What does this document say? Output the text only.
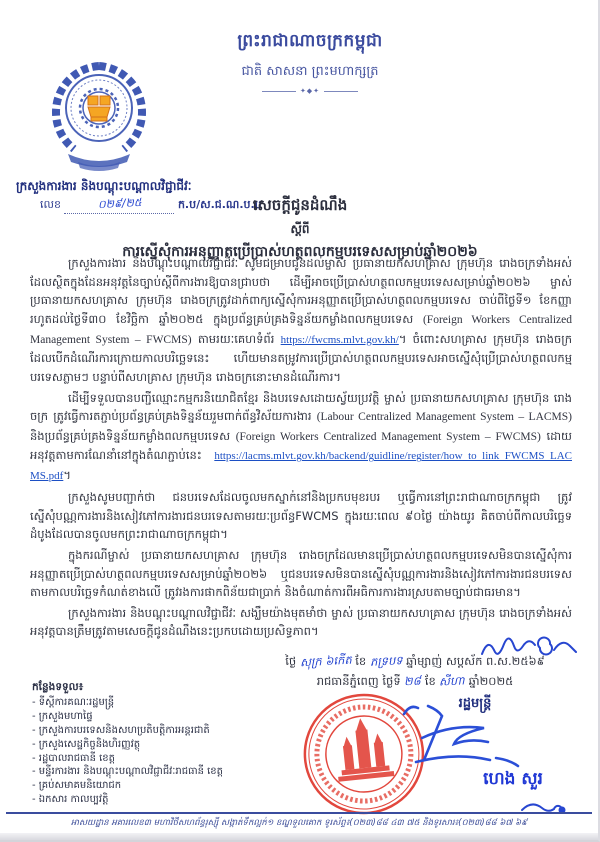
ព្រះរាជាណាចក្រកម្ពុជា
ជាតិ សាសនា ព្រះមហាក្សត្រ
✦◆✦
ក្រសួងការងារ និងបណ្ដុះបណ្ដាលវិជ្ជាជីវៈ
លេខ	០២៩/២៥	ក.ប/ស.ជ.ណ.ប.ប
សេចក្តីជូនដំណឹង
ស្តីពី
ការស្នើសុំការអនុញ្ញាតប្រើប្រាស់ហត្ថពលកម្មបរទេសសម្រាប់ឆ្នាំ២០២៦

ក្រសួងការងារ និងបណ្ដុះបណ្ដាលវិជ្ជាជីវៈ សូមជម្រាបជូនដល់ម្ចាស់ ប្រធានាយកសហគ្រាស ក្រុមហ៊ុន រោងចក្រទាំងអស់ ដែលស្ថិតក្នុងដែនអនុវត្តនៃច្បាប់ស្ដីពីការងារឱ្យបានជ្រាបថា ដើម្បីអាចប្រើប្រាស់ហត្ថពលកម្មបរទេសសម្រាប់ឆ្នាំ២០២៦ ម្ចាស់ ប្រធានាយកសហគ្រាស ក្រុមហ៊ុន រោងចក្រត្រូវដាក់ពាក្យស្នើសុំការអនុញ្ញាតប្រើប្រាស់ហត្ថពលកម្មបរទេស ចាប់ពីថ្ងៃទី១ ខែកញ្ញា រហូតដល់ថ្ងៃទី៣០ ខែវិច្ឆិកា ឆ្នាំ២០២៥ ក្នុងប្រព័ន្ធគ្រប់គ្រងទិន្នន័យកម្លាំងពលកម្មបរទេស (Foreign Workers Centralized Management System – FWCMS) តាមរយៈគេហទំព័រ https://fwcms.mlvt.gov.kh/។ ចំពោះសហគ្រាស ក្រុមហ៊ុន រោងចក្រដែលបើកដំណើរការក្រោយកាលបរិច្ឆេទនេះ ហើយមានតម្រូវការប្រើប្រាស់ហត្ថពលកម្មបរទេសអាចស្នើសុំប្រើប្រាស់ហត្ថពលកម្មបរទេសភ្លាមៗ បន្ទាប់ពីសហគ្រាស ក្រុមហ៊ុន រោងចក្រនោះមានដំណើរការ។

ដើម្បីទទួលបានបញ្ជីឈ្មោះកម្មករនិយោជិតខ្មែរ និងបរទេសដោយស្វ័យប្រវត្តិ ម្ចាស់ ប្រធានាយកសហគ្រាស ក្រុមហ៊ុន រោងចក្រ ត្រូវធ្វើការតភ្ជាប់ប្រព័ន្ធគ្រប់គ្រងទិន្នន័យរួមពាក់ព័ន្ធវិស័យការងារ (Labour Centralized Management System – LACMS) និងប្រព័ន្ធគ្រប់គ្រងទិន្នន័យកម្លាំងពលកម្មបរទេស (Foreign Workers Centralized Management System – FWCMS) ដោយអនុវត្តតាមការណែនាំនៅក្នុងតំណភ្ជាប់នេះ https://lacms.mlvt.gov.kh/backend/guidline/register/how_to_link_FWCMS_LACMS.pdf។

ក្រសួងសូមបញ្ជាក់ថា ជនបរទេសដែលចូលមកស្នាក់នៅនិងប្រកបមុខរបរ ឬធ្វើការនៅព្រះរាជាណាចក្រកម្ពុជា ត្រូវស្នើសុំបណ្ណការងារនិងសៀវភៅការងារជនបរទេសតាមរយៈប្រព័ន្ធFWCMS ក្នុងរយៈពេល ៩០ថ្ងៃ យ៉ាងយូរ គិតចាប់ពីកាលបរិច្ឆេទដំបូងដែលបានចូលមកព្រះរាជាណាចក្រកម្ពុជា។

ក្នុងករណីម្ចាស់ ប្រធានាយកសហគ្រាស ក្រុមហ៊ុន រោងចក្រដែលមានប្រើប្រាស់ហត្ថពលកម្មបរទេសមិនបានស្នើសុំការអនុញ្ញាតប្រើប្រាស់ហត្ថពលកម្មបរទេសសម្រាប់ឆ្នាំ២០២៦ ឬជនបរទេសមិនបានស្នើសុំបណ្ណការងារនិងសៀវភៅការងារជនបរទេសតាមកាលបរិច្ឆេទកំណត់ខាងលើ ត្រូវរងការផាកពិន័យជាប្រាក់ និងចំណាត់ការពីអធិការការងារស្របតាមច្បាប់ជាធរមាន។

ក្រសួងការងារ និងបណ្ដុះបណ្ដាលវិជ្ជាជីវៈ សង្ឃឹមយ៉ាងមុតមាំថា ម្ចាស់ ប្រធានាយកសហគ្រាស ក្រុមហ៊ុន រោងចក្រទាំងអស់អនុវត្តបានត្រឹមត្រូវតាមសេចក្ដីជូនដំណឹងនេះប្រកបដោយប្រសិទ្ធភាព។

ថ្ងៃ សុក្រ ៦កើត ខែ ភទ្របទ ឆ្នាំម្សាញ់ សប្ដស័ក ព.ស.២៥៦៩
រាជធានីភ្នំពេញ ថ្ងៃទី ២៨ ខែ សីហា ឆ្នាំ២០២៥
រដ្ឋមន្ត្រី
ហេង សួរ
កន្លែងទទួល៖
- ទីស្ដីការគណៈរដ្ឋមន្ត្រី
- ក្រសួងមហាផ្ទៃ
- ក្រសួងការបរទេសនិងសហប្រតិបត្តិការអន្តរជាតិ
- ក្រសួងសេដ្ឋកិច្ចនិងហិរញ្ញវត្ថុ
- រដ្ឋបាលរាជធានី ខេត្ត
- មន្ទីរការងារ និងបណ្ដុះបណ្ដាលវិជ្ជាជីវៈរាជធានី ខេត្ត
- គ្រប់សមាគមនិយោជក
- ឯកសារ កាលប្បវត្តិ
អាសយដ្ឋាន អគារលេខ៣ មហាវិថីសហព័ន្ធរុស្ស៊ី សង្កាត់ទឹកល្អក់១ ខណ្ឌទួលគោក ទូរស័ព្ទ៖(០២៣)៨៨ ៤៣ ៧៥ និងទូរសារ៖(០២៣)៨៨ ៦៧ ៦៩
